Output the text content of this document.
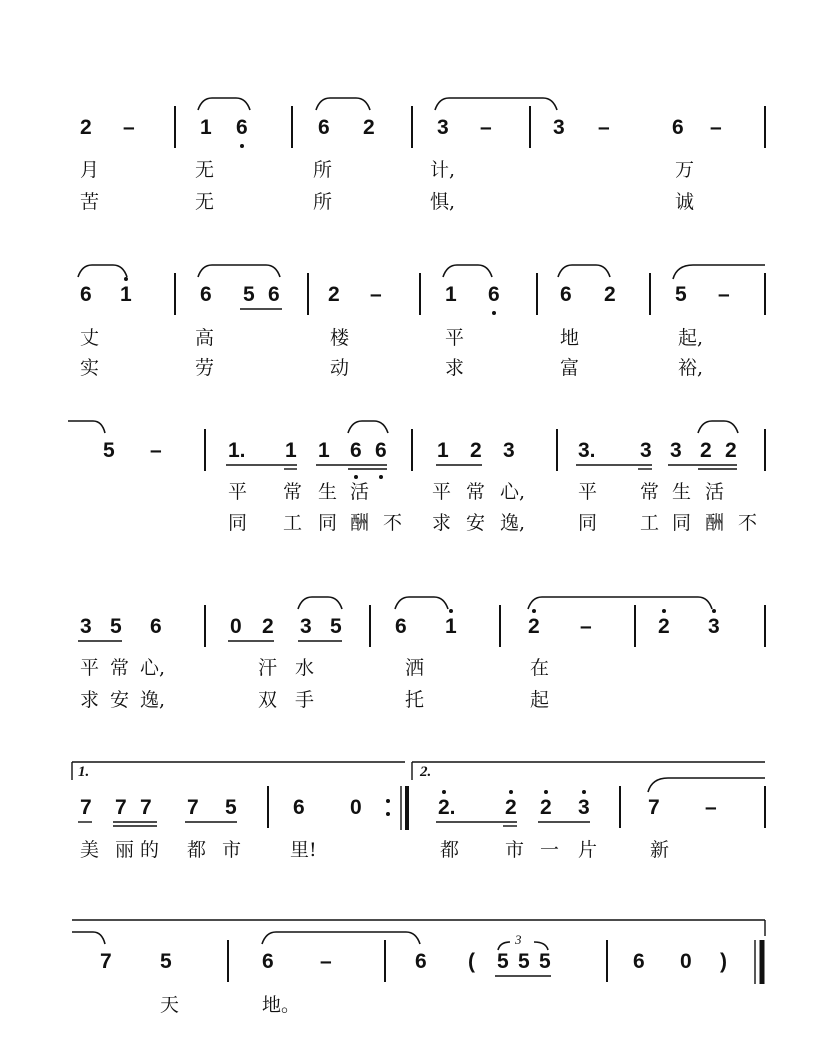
2 –	1 6	6 2	3 –	3 –	6 –
月	无	所	计,	万
苦	无	所	惧,	诚
6 1	6 5 6 2 –	1 6	6 2	5 –
丈	高	楼	平	地	起,
实	劳	动	求	富	裕,
5 –	1. 1 1 6 6 1 2 3	3. 3 3 2 2
平 常 生 活	平 常 心,	平 常 生 活
同 工 同 酬 不 求 安 逸,	同 工 同 酬 不
3 5 6	0 2 3 5	6 1	2 –	2 3
平 常 心,	汗 水	洒	在
求 安 逸,	双 手	托	起
7 7 7 7 5	6 0	2. 2 2 3	7 –
美 丽 的 都 市	里!	都 市 一 片	新
7 5	6 –	6 ( 5 5 5	6 0 )
天	地。
1.	2.
3
